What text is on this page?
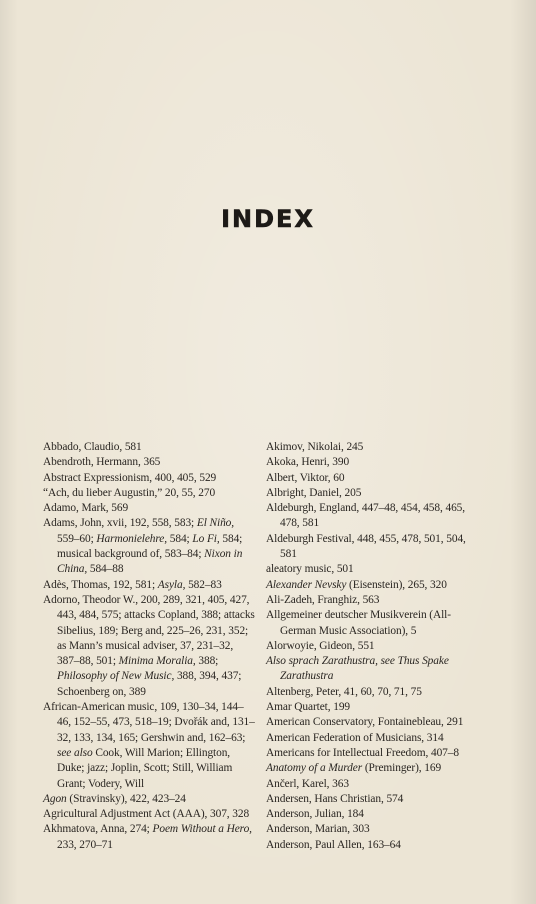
INDEX
Abbado, Claudio, 581
Abendroth, Hermann, 365
Abstract Expressionism, 400, 405, 529
“Ach, du lieber Augustin,” 20, 55, 270
Adamo, Mark, 569
Adams, John, xvii, 192, 558, 583; El Niño, 559–60; Harmonielehre, 584; Lo Fi, 584; musical background of, 583–84; Nixon in China, 584–88
Adès, Thomas, 192, 581; Asyla, 582–83
Adorno, Theodor W., 200, 289, 321, 405, 427, 443, 484, 575; attacks Copland, 388; attacks Sibelius, 189; Berg and, 225–26, 231, 352; as Mann’s musical adviser, 37, 231–32, 387–88, 501; Minima Moralia, 388; Philosophy of New Music, 388, 394, 437; Schoenberg on, 389
African-American music, 109, 130–34, 144–46, 152–55, 473, 518–19; Dvořák and, 131–32, 133, 134, 165; Gershwin and, 162–63; see also Cook, Will Marion; Ellington, Duke; jazz; Joplin, Scott; Still, William Grant; Vodery, Will
Agon (Stravinsky), 422, 423–24
Agricultural Adjustment Act (AAA), 307, 328
Akhmatova, Anna, 274; Poem Without a Hero, 233, 270–71
Akimov, Nikolai, 245
Akoka, Henri, 390
Albert, Viktor, 60
Albright, Daniel, 205
Aldeburgh, England, 447–48, 454, 458, 465, 478, 581
Aldeburgh Festival, 448, 455, 478, 501, 504, 581
aleatory music, 501
Alexander Nevsky (Eisenstein), 265, 320
Ali-Zadeh, Franghiz, 563
Allgemeiner deutscher Musikverein (All-German Music Association), 5
Alorwoyie, Gideon, 551
Also sprach Zarathustra, see Thus Spake Zarathustra
Altenberg, Peter, 41, 60, 70, 71, 75
Amar Quartet, 199
American Conservatory, Fontainebleau, 291
American Federation of Musicians, 314
Americans for Intellectual Freedom, 407–8
Anatomy of a Murder (Preminger), 169
Ančerl, Karel, 363
Andersen, Hans Christian, 574
Anderson, Julian, 184
Anderson, Marian, 303
Anderson, Paul Allen, 163–64
